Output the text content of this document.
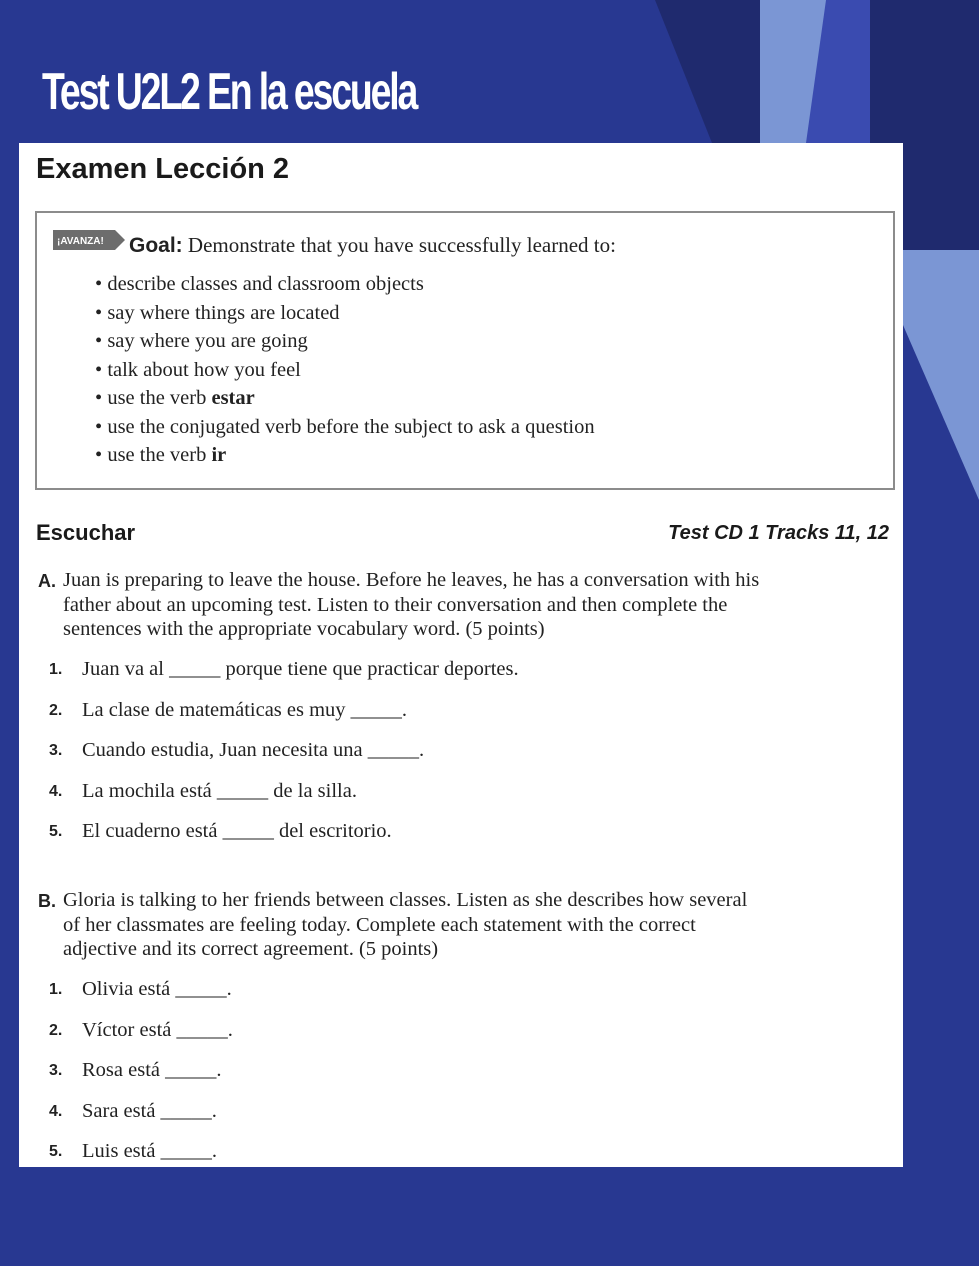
Test U2L2 En la escuela
Examen Lección 2
¡AVANZA! Goal: Demonstrate that you have successfully learned to:
• describe classes and classroom objects
• say where things are located
• say where you are going
• talk about how you feel
• use the verb estar
• use the conjugated verb before the subject to ask a question
• use the verb ir
Escuchar	Test CD 1 Tracks 11, 12
A. Juan is preparing to leave the house. Before he leaves, he has a conversation with his father about an upcoming test. Listen to their conversation and then complete the sentences with the appropriate vocabulary word. (5 points)
1. Juan va al _____ porque tiene que practicar deportes.
2. La clase de matemáticas es muy _____.
3. Cuando estudia, Juan necesita una _____.
4. La mochila está _____ de la silla.
5. El cuaderno está _____ del escritorio.
B. Gloria is talking to her friends between classes. Listen as she describes how several of her classmates are feeling today. Complete each statement with the correct adjective and its correct agreement. (5 points)
1. Olivia está _____.
2. Víctor está _____.
3. Rosa está _____.
4. Sara está _____.
5. Luis está _____.
